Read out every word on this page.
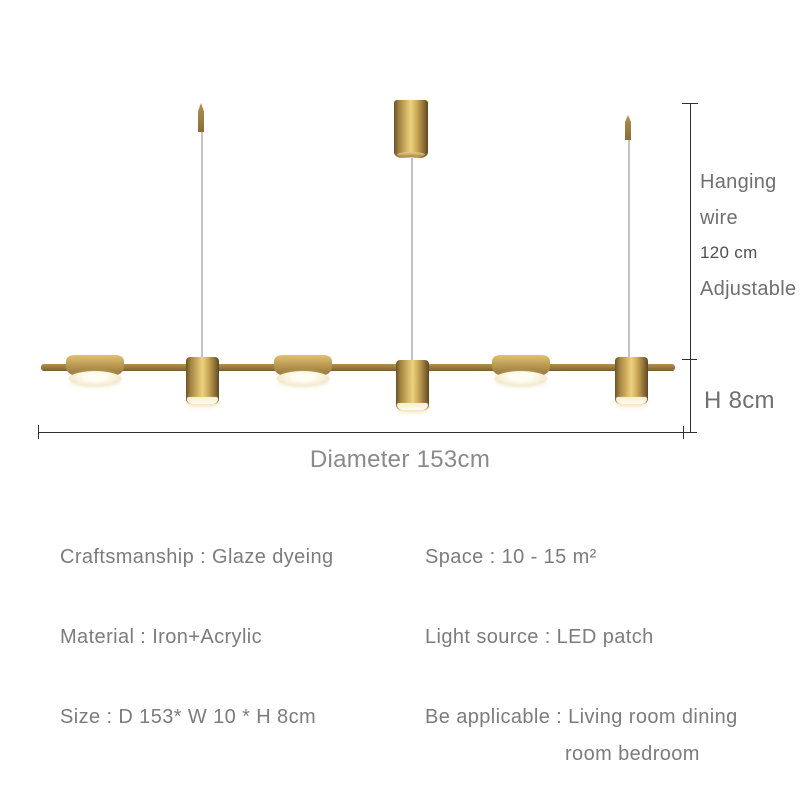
Hanging
wire
120 cm
Adjustable
H 8cm
Diameter 153cm
Craftsmanship : Glaze dyeing	Space : 10 - 15 m²
Material : Iron+Acrylic	Light source : LED patch
Size : D 153* W 10 * H 8cm	Be applicable : Living room dining
room bedroom
